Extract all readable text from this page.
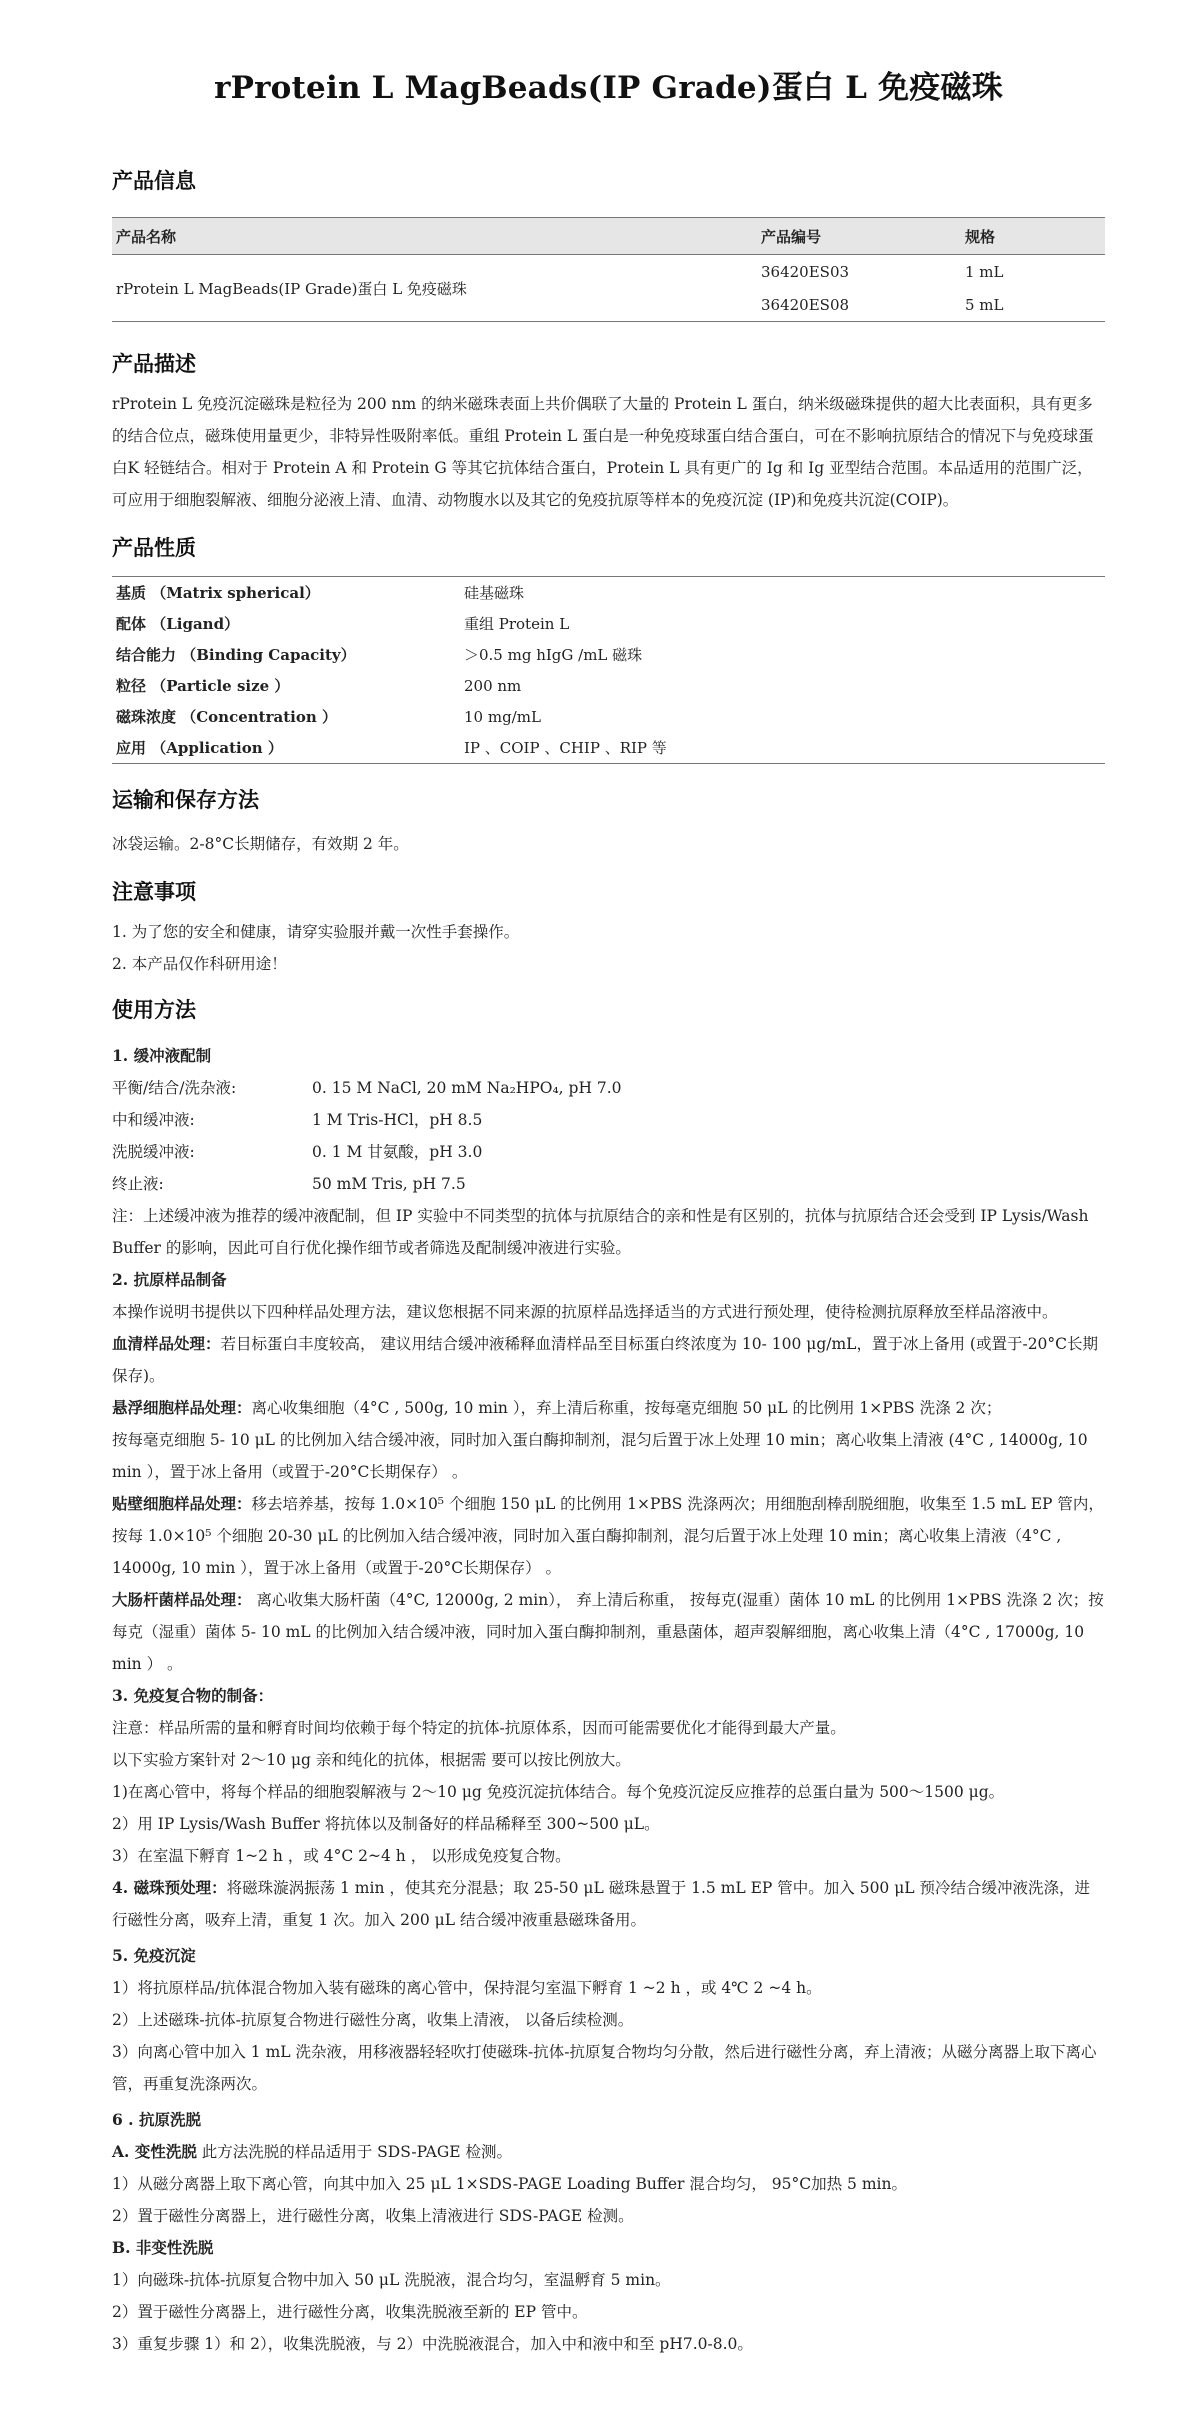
rProtein L MagBeads(IP Grade)蛋白 L 免疫磁珠
产品信息
产品名称	产品编号	规格
rProtein L MagBeads(IP Grade)蛋白 L 免疫磁珠	36420ES03	1 mL
	36420ES08	5 mL
产品描述

rProtein L 免疫沉淀磁珠是粒径为 200 nm 的纳米磁珠表面上共价偶联了大量的 Protein L 蛋白，纳米级磁珠提供的超大比表面积，具有更多的结合位点，磁珠使用量更少，非特异性吸附率低。重组 Protein L 蛋白是一种免疫球蛋白结合蛋白，可在不影响抗原结合的情况下与免疫球蛋白K 轻链结合。相对于 Protein A 和 Protein G 等其它抗体结合蛋白，Protein L 具有更广的 Ig 和 Ig 亚型结合范围。本品适用的范围广泛，可应用于细胞裂解液、细胞分泌液上清、血清、动物腹水以及其它的免疫抗原等样本的免疫沉淀 (IP)和免疫共沉淀(COIP)。

产品性质
基质 （Matrix spherical）	硅基磁珠
配体 （Ligand）	重组 Protein L
结合能力 （Binding Capacity）	＞0.5 mg hIgG /mL 磁珠
粒径 （Particle size ）	200 nm
磁珠浓度 （Concentration ）	10 mg/mL
应用 （Application ）	IP 、COIP 、CHIP 、RIP 等
运输和保存方法

冰袋运输。2-8°C长期储存，有效期 2 年。

注意事项

1. 为了您的安全和健康，请穿实验服并戴一次性手套操作。

2. 本产品仅作科研用途！

使用方法

1. 缓冲液配制

平衡/结合/洗杂液:	0. 15 M NaCl, 20 mM Na₂HPO₄, pH 7.0
中和缓冲液:	1 M Tris-HCl，pH 8.5
洗脱缓冲液:	0. 1 M 甘氨酸，pH 3.0
终止液:	50 mM Tris, pH 7.5

注：上述缓冲液为推荐的缓冲液配制，但 IP 实验中不同类型的抗体与抗原结合的亲和性是有区别的，抗体与抗原结合还会受到 IP Lysis/Wash Buffer 的影响，因此可自行优化操作细节或者筛选及配制缓冲液进行实验。

2. 抗原样品制备

本操作说明书提供以下四种样品处理方法，建议您根据不同来源的抗原样品选择适当的方式进行预处理，使待检测抗原释放至样品溶液中。

血清样品处理：若目标蛋白丰度较高， 建议用结合缓冲液稀释血清样品至目标蛋白终浓度为 10- 100 μg/mL，置于冰上备用 (或置于-20°C长期保存)。

悬浮细胞样品处理：离心收集细胞（4°C , 500g, 10 min ），弃上清后称重，按每毫克细胞 50 μL 的比例用 1×PBS 洗涤 2 次；

按每毫克细胞 5- 10 μL 的比例加入结合缓冲液，同时加入蛋白酶抑制剂，混匀后置于冰上处理 10 min；离心收集上清液 (4°C , 14000g, 10 min ），置于冰上备用（或置于-20°C长期保存） 。

贴壁细胞样品处理：移去培养基，按每 1.0×10⁵ 个细胞 150 μL 的比例用 1×PBS 洗涤两次；用细胞刮棒刮脱细胞，收集至 1.5 mL EP 管内，按每 1.0×10⁵ 个细胞 20-30 μL 的比例加入结合缓冲液，同时加入蛋白酶抑制剂，混匀后置于冰上处理 10 min；离心收集上清液（4°C , 14000g, 10 min ），置于冰上备用（或置于-20°C长期保存） 。

大肠杆菌样品处理： 离心收集大肠杆菌（4°C, 12000g, 2 min）， 弃上清后称重， 按每克(湿重）菌体 10 mL 的比例用 1×PBS 洗涤 2 次；按每克（湿重）菌体 5- 10 mL 的比例加入结合缓冲液，同时加入蛋白酶抑制剂，重悬菌体，超声裂解细胞，离心收集上清（4°C , 17000g, 10 min ） 。

3. 免疫复合物的制备：

注意：样品所需的量和孵育时间均依赖于每个特定的抗体-抗原体系，因而可能需要优化才能得到最大产量。

以下实验方案针对 2～10 μg 亲和纯化的抗体，根据需 要可以按比例放大。

1)在离心管中，将每个样品的细胞裂解液与 2～10 μg 免疫沉淀抗体结合。每个免疫沉淀反应推荐的总蛋白量为 500～1500 μg。

2）用 IP Lysis/Wash Buffer 将抗体以及制备好的样品稀释至 300~500 μL。

3）在室温下孵育 1~2 h ，或 4°C 2~4 h ， 以形成免疫复合物。

4. 磁珠预处理：将磁珠漩涡振荡 1 min ，使其充分混悬；取 25-50 μL 磁珠悬置于 1.5 mL EP 管中。加入 500 μL 预冷结合缓冲液洗涤，进行磁性分离，吸弃上清，重复 1 次。加入 200 μL 结合缓冲液重悬磁珠备用。

5. 免疫沉淀

1）将抗原样品/抗体混合物加入装有磁珠的离心管中，保持混匀室温下孵育 1 ~2 h ，或 4℃ 2 ~4 h。

2）上述磁珠-抗体-抗原复合物进行磁性分离，收集上清液， 以备后续检测。

3）向离心管中加入 1 mL 洗杂液，用移液器轻轻吹打使磁珠-抗体-抗原复合物均匀分散，然后进行磁性分离，弃上清液；从磁分离器上取下离心管，再重复洗涤两次。

6 . 抗原洗脱

A. 变性洗脱 此方法洗脱的样品适用于 SDS-PAGE 检测。

1）从磁分离器上取下离心管，向其中加入 25 μL 1×SDS-PAGE Loading Buffer 混合均匀， 95°C加热 5 min。

2）置于磁性分离器上，进行磁性分离，收集上清液进行 SDS-PAGE 检测。

B. 非变性洗脱

1）向磁珠-抗体-抗原复合物中加入 50 μL 洗脱液，混合均匀，室温孵育 5 min。

2）置于磁性分离器上，进行磁性分离，收集洗脱液至新的 EP 管中。

3）重复步骤 1）和 2），收集洗脱液，与 2）中洗脱液混合，加入中和液中和至 pH7.0-8.0。
